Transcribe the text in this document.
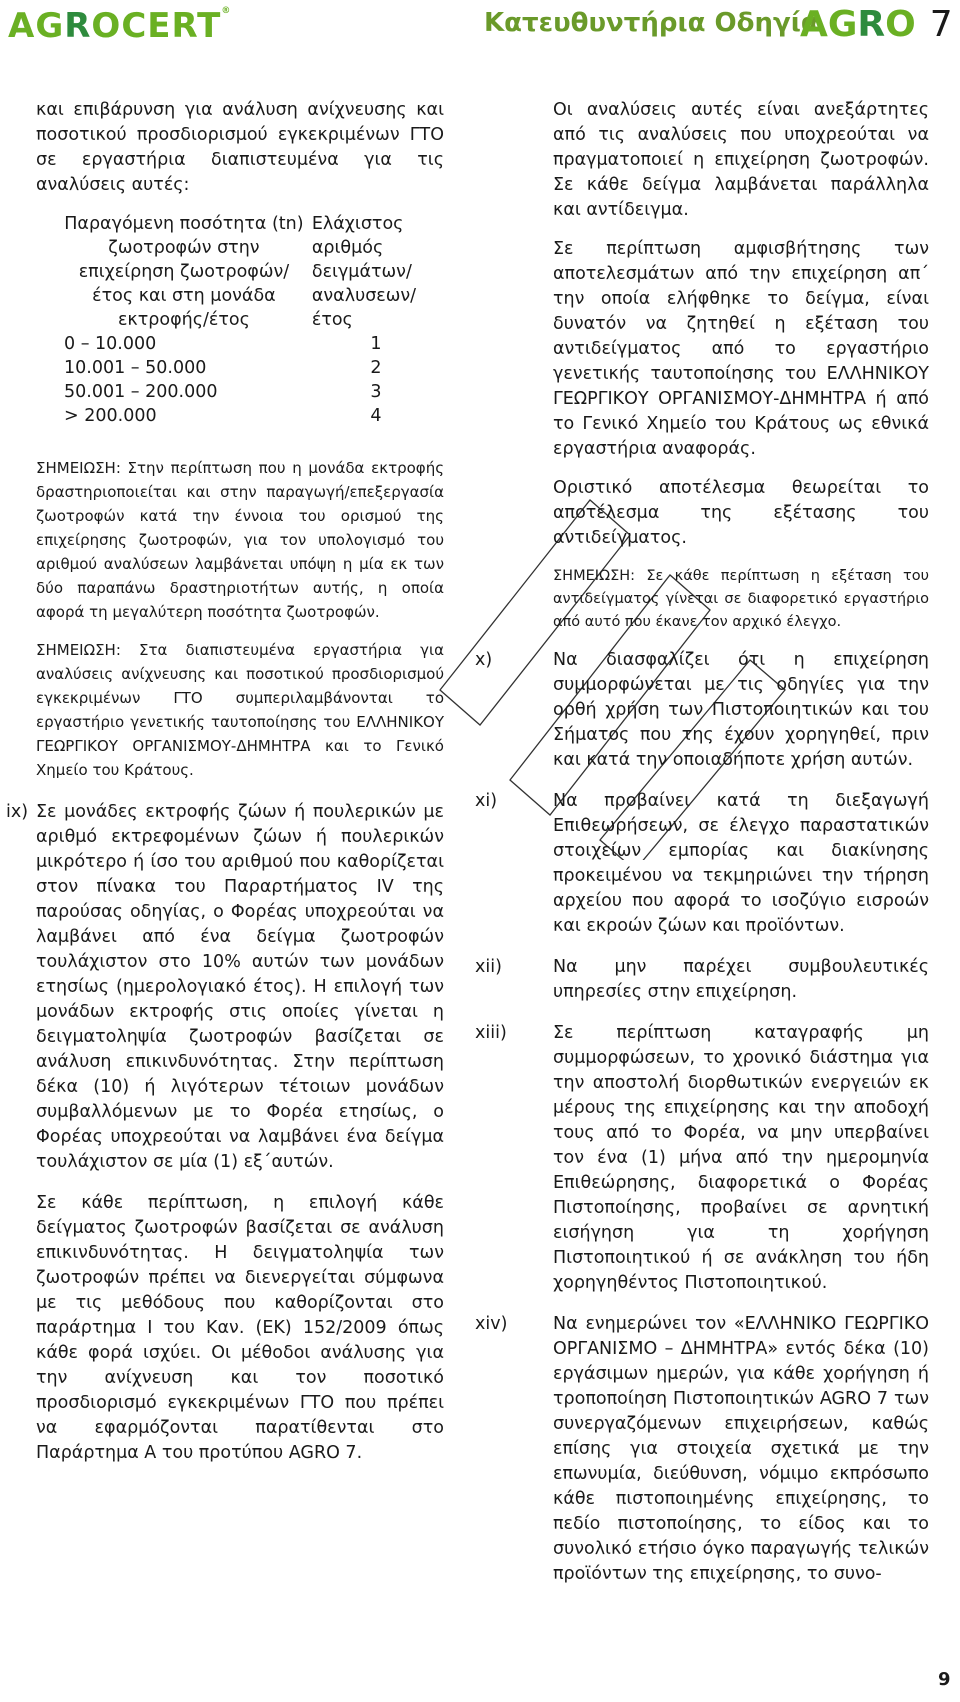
AGROCERT®	Κατευθυντήρια Οδηγία
AGRO 7

και επιβάρυνση για ανάλυση ανίχνευσης και ποσοτικού προσδιορισμού εγκεκριμένων ΓΤΟ σε εργαστήρια διαπιστευμένα για τις αναλύσεις αυτές:

Παραγόμενη ποσότητα (tn) ζωοτροφών στην επιχείρηση ζωοτροφών/έτος και στη μονάδα εκτροφής/έτος	Ελάχιστος αριθμός δειγμάτων/αναλυσεων/έτος
0 – 10.000	1
10.001 – 50.000	2
50.001 – 200.000	3
> 200.000	4

ΣΗΜΕΙΩΣΗ: Στην περίπτωση που η μονάδα εκτροφής δραστηριοποιείται και στην παραγωγή/επεξεργασία ζωοτροφών κατά την έννοια του ορισμού της επιχείρησης ζωοτροφών, για τον υπολογισμό του αριθμού αναλύσεων λαμβάνεται υπόψη η μία εκ των δύο παραπάνω δραστηριοτήτων αυτής, η οποία αφορά τη μεγαλύτερη ποσότητα ζωοτροφών.

ΣΗΜΕΙΩΣΗ: Στα διαπιστευμένα εργαστήρια για αναλύσεις ανίχνευσης και ποσοτικού προσδιορισμού εγκεκριμένων ΓΤΟ συμπεριλαμβάνονται το εργαστήριο γενετικής ταυτοποίησης του ΕΛΛΗΝΙΚΟΥ ΓΕΩΡΓΙΚΟΥ ΟΡΓΑΝΙΣΜΟΥ-ΔΗΜΗΤΡΑ και το Γενικό Χημείο του Κράτους.

ix) Σε μονάδες εκτροφής ζώων ή πουλερικών με αριθμό εκτρεφομένων ζώων ή πουλερικών μικρότερο ή ίσο του αριθμού που καθορίζεται στον πίνακα του Παραρτήματος IV της παρούσας οδηγίας, ο Φορέας υποχρεούται να λαμβάνει από ένα δείγμα ζωοτροφών τουλάχιστον στο 10% αυτών των μονάδων ετησίως (ημερολογιακό έτος). Η επιλογή των μονάδων εκτροφής στις οποίες γίνεται η δειγματοληψία ζωοτροφών βασίζεται σε ανάλυση επικινδυνότητας. Στην περίπτωση δέκα (10) ή λιγότερων τέτοιων μονάδων συμβαλλόμενων με το Φορέα ετησίως, ο Φορέας υποχρεούται να λαμβάνει ένα δείγμα τουλάχιστον σε μία (1) εξ΄αυτών.

Σε κάθε περίπτωση, η επιλογή κάθε δείγματος ζωοτροφών βασίζεται σε ανάλυση επικινδυνότητας. Η δειγματοληψία των ζωοτροφών πρέπει να διενεργείται σύμφωνα με τις μεθόδους που καθορίζονται στο παράρτημα Ι του Καν. (ΕΚ) 152/2009 όπως κάθε φορά ισχύει. Οι μέθοδοι ανάλυσης για την ανίχνευση και τον ποσοτικό προσδιορισμό εγκεκριμένων ΓΤΟ που πρέπει να εφαρμόζονται παρατίθενται στο Παράρτημα Α του προτύπου AGRO 7.

Οι αναλύσεις αυτές είναι ανεξάρτητες από τις αναλύσεις που υποχρεούται να πραγματοποιεί η επιχείρηση ζωοτροφών. Σε κάθε δείγμα λαμβάνεται παράλληλα και αντίδειγμα.

Σε περίπτωση αμφισβήτησης των αποτελεσμάτων από την επιχείρηση απ΄ την οποία ελήφθηκε το δείγμα, είναι δυνατόν να ζητηθεί η εξέταση του αντιδείγματος από το εργαστήριο γενετικής ταυτοποίησης του ΕΛΛΗΝΙΚΟΥ ΓΕΩΡΓΙΚΟΥ ΟΡΓΑΝΙΣΜΟΥ-ΔΗΜΗΤΡΑ ή από το Γενικό Χημείο του Κράτους ως εθνικά εργαστήρια αναφοράς.

Οριστικό αποτέλεσμα θεωρείται το αποτέλεσμα της εξέτασης του αντιδείγματος.

ΣΗΜΕΙΩΣΗ: Σε κάθε περίπτωση η εξέταση του αντιδείγματος γίνεται σε διαφορετικό εργαστήριο από αυτό που έκανε τον αρχικό έλεγχο.

x)	Να διασφαλίζει ότι η επιχείρηση συμμορφώνεται με τις οδηγίες για την ορθή χρήση των Πιστοποιητικών και του Σήματος που της έχουν χορηγηθεί, πριν και κατά την οποιαδήποτε χρήση αυτών.
xi)	Να προβαίνει κατά τη διεξαγωγή Επιθεωρήσεων, σε έλεγχο παραστατικών στοιχείων εμπορίας και διακίνησης προκειμένου να τεκμηριώνει την τήρηση αρχείου που αφορά το ισοζύγιο εισροών και εκροών ζώων και προϊόντων.
xii)	Να μην παρέχει συμβουλευτικές υπηρεσίες στην επιχείρηση.
xiii)	Σε περίπτωση καταγραφής μη συμμορφώσεων, το χρονικό διάστημα για την αποστολή διορθωτικών ενεργειών εκ μέρους της επιχείρησης και την αποδοχή τους από το Φορέα, να μην υπερβαίνει τον ένα (1) μήνα από την ημερομηνία Επιθεώρησης, διαφορετικά ο Φορέας Πιστοποίησης, προβαίνει σε αρνητική εισήγηση για τη χορήγηση Πιστοποιητικού ή σε ανάκληση του ήδη χορηγηθέντος Πιστοποιητικού.
xiv)	Να ενημερώνει τον «ΕΛΛΗΝΙΚΟ ΓΕΩΡΓΙΚΟ ΟΡΓΑΝΙΣΜΟ – ΔΗΜΗΤΡΑ» εντός δέκα (10) εργάσιμων ημερών, για κάθε χορήγηση ή τροποποίηση Πιστοποιητικών AGRO 7 των συνεργαζόμενων επιχειρήσεων, καθώς επίσης για στοιχεία σχετικά με την επωνυμία, διεύθυνση, νόμιμο εκπρόσωπο κάθε πιστοποιημένης επιχείρησης, το πεδίο πιστοποίησης, το είδος και το συνολικό ετήσιο όγκο παραγωγής τελικών προϊόντων της επιχείρησης, το συνο-
9
